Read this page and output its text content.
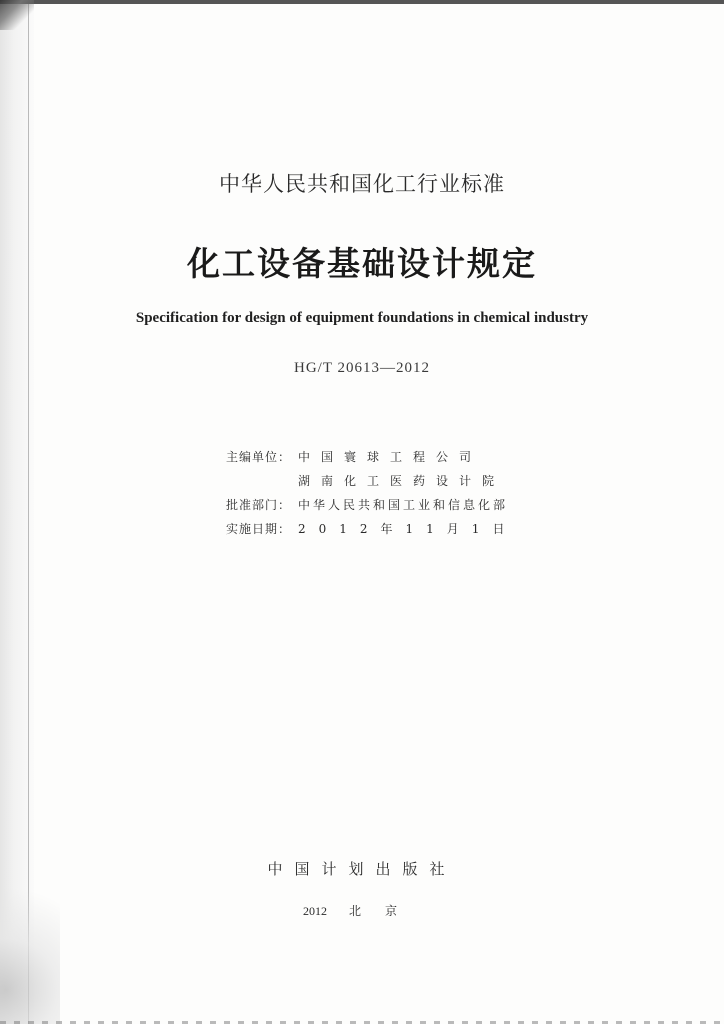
中华人民共和国化工行业标准
化工设备基础设计规定
Specification for design of equipment foundations in chemical industry
HG/T 20613—2012
主编单位：	中国寰球工程公司
	湖南化工医药设计院
批准部门：	中华人民共和国工业和信息化部
实施日期：	2012年11月1日
中国计划出版社
2012 北京
